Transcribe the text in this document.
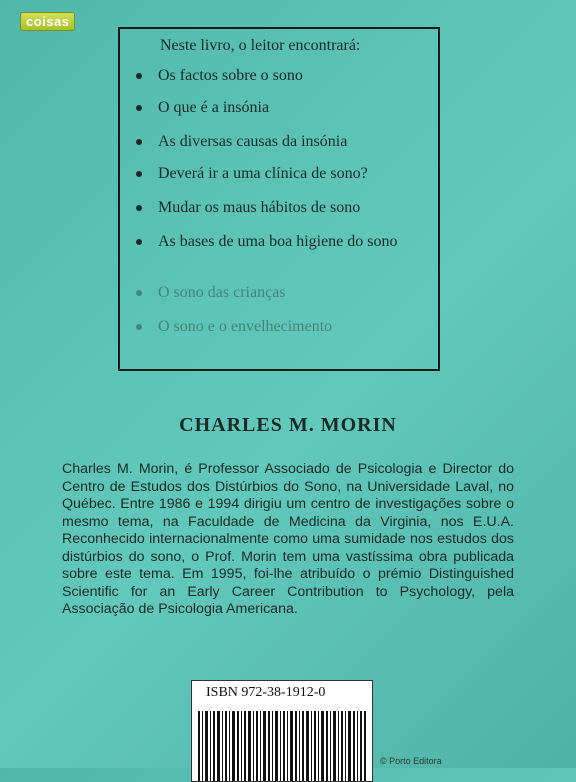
coisas
Neste livro, o leitor encontrará:
Os factos sobre o sono
O que é a insónia
As diversas causas da insónia
Deverá ir a uma clínica de sono?
Mudar os maus hábitos de sono
As bases de uma boa higiene do sono
O sono das crianças
O sono e o envelhecimento
CHARLES M. MORIN
Charles M. Morin, é Professor Associado de Psicologia e Director do Centro de Estudos dos Distúrbios do Sono, na Universidade Laval, no Québec. Entre 1986 e 1994 dirigiu um centro de investigações sobre o mesmo tema, na Faculdade de Medicina da Virginia, nos E.U.A. Reconhecido internacionalmente como uma sumidade nos estudos dos distúrbios do sono, o Prof. Morin tem uma vastíssima obra publicada sobre este tema. Em 1995, foi-lhe atribuído o prémio Distinguished Scientific for an Early Career Contribution to Psychology, pela Associação de Psicologia Americana.
ISBN 972-38-1912-0
© Porto Editora
